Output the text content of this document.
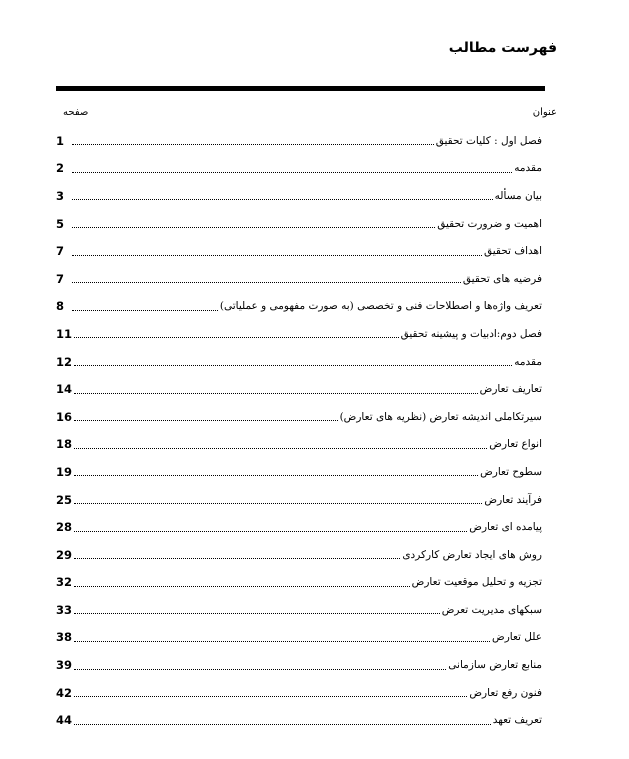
فهرست مطالب
عنوان
صفحه
فصل اول : کلیات تحقیق
1
مقدمه
2
بیان مسأله
3
اهمیت و ضرورت تحقیق
5
اهداف تحقیق
7
فرضیه های تحقیق
7
تعریف واژه‌ها و اصطلاحات فنی و تخصصی (به صورت مفهومی و عملیاتی)
8
فصل دوم:ادبیات و پیشینه تحقیق
11
مقدمه
12
تعاریف تعارض
14
سیرتکاملی اندیشه تعارض (نظریه های تعارض)
16
انواع تعارض
18
سطوح تعارض
19
فرآیند تعارض
25
پیامده ای تعارض
28
روش های ایجاد تعارض کارکردی
29
تجزیه و تحلیل موقعیت تعارض
32
سبکهای مدیریت تعرض
33
علل تعارض
38
منابع تعارض سازمانی
39
فنون رفع تعارض
42
تعریف تعهد
44
